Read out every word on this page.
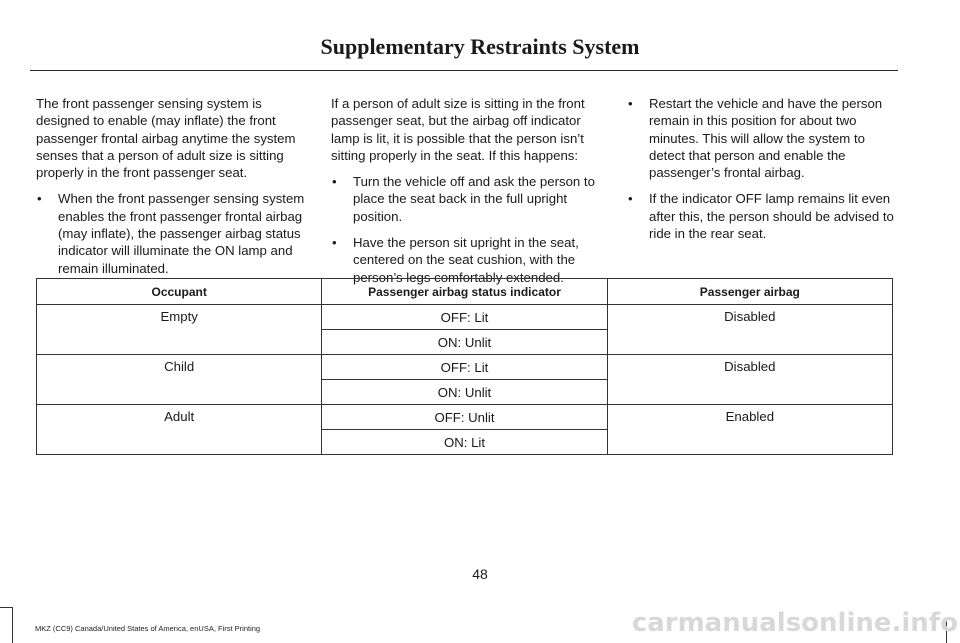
Supplementary Restraints System

The front passenger sensing system is designed to enable (may inflate) the front passenger frontal airbag anytime the system senses that a person of adult size is sitting properly in the front passenger seat.

• When the front passenger sensing system enables the front passenger frontal airbag (may inflate), the passenger airbag status indicator will illuminate the ON lamp and remain illuminated.

If a person of adult size is sitting in the front passenger seat, but the airbag off indicator lamp is lit, it is possible that the person isn’t sitting properly in the seat. If this happens:

• Turn the vehicle off and ask the person to place the seat back in the full upright position.
• Have the person sit upright in the seat, centered on the seat cushion, with the person’s legs comfortably extended.
• Restart the vehicle and have the person remain in this position for about two minutes. This will allow the system to detect that person and enable the passenger’s frontal airbag.
• If the indicator OFF lamp remains lit even after this, the person should be advised to ride in the rear seat.
Occupant	Passenger airbag status indicator	Passenger airbag
Empty	OFF: Lit	Disabled
	ON: Unlit	
Child	OFF: Lit	Disabled
	ON: Unlit	
Adult	OFF: Unlit	Enabled
	ON: Lit	
48
MKZ (CC9) Canada/United States of America, enUSA, First Printing	carmanualsonline.info
